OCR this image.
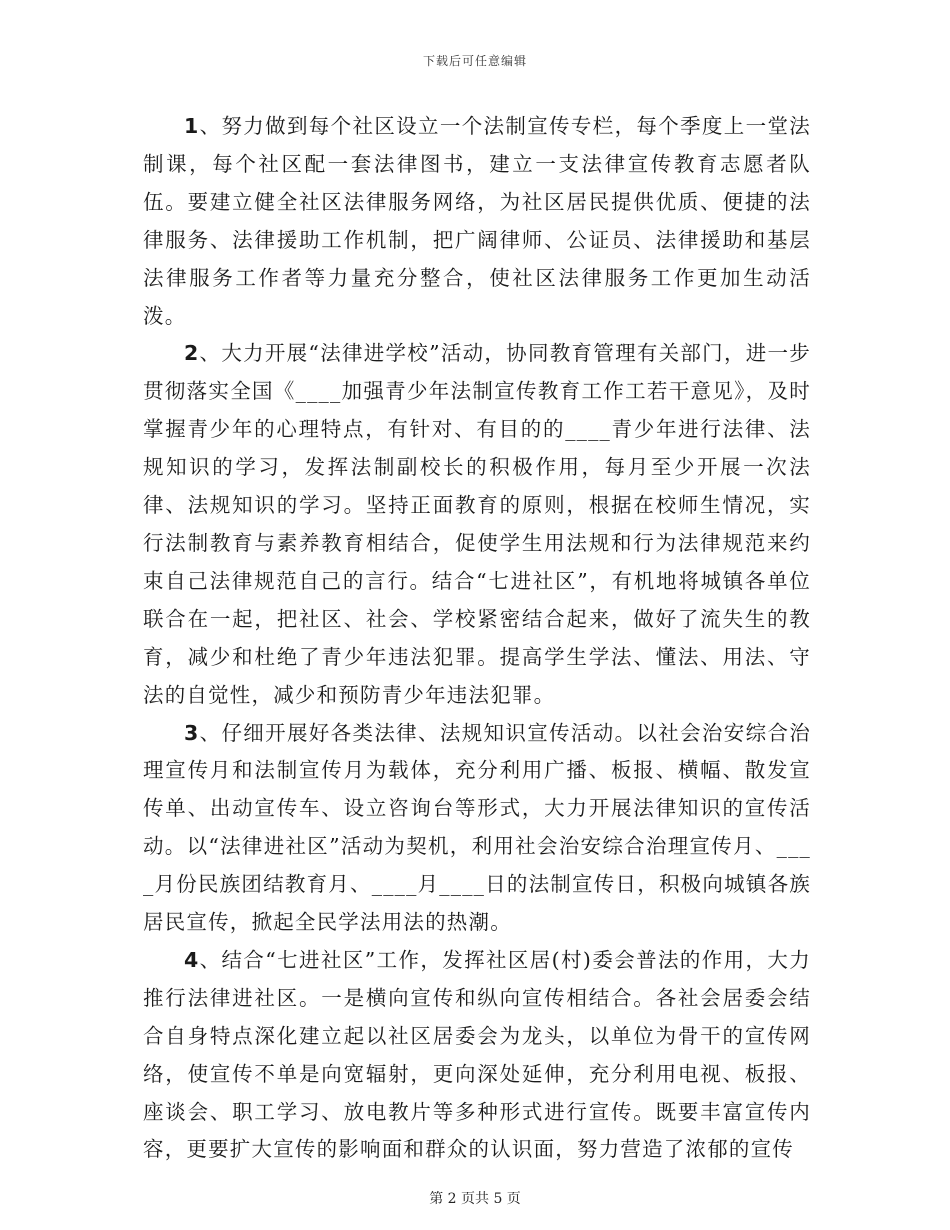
下载后可任意编辑

1、努力做到每个社区设立一个法制宣传专栏，每个季度上一堂法制课，每个社区配一套法律图书，建立一支法律宣传教育志愿者队伍。要建立健全社区法律服务网络，为社区居民提供优质、便捷的法律服务、法律援助工作机制，把广阔律师、公证员、法律援助和基层法律服务工作者等力量充分整合，使社区法律服务工作更加生动活泼。

2、大力开展“法律进学校”活动，协同教育管理有关部门，进一步贯彻落实全国《____加强青少年法制宣传教育工作工若干意见》，及时掌握青少年的心理特点，有针对、有目的的____青少年进行法律、法规知识的学习，发挥法制副校长的积极作用，每月至少开展一次法律、法规知识的学习。坚持正面教育的原则，根据在校师生情况，实行法制教育与素养教育相结合，促使学生用法规和行为法律规范来约束自己法律规范自己的言行。结合“七进社区”，有机地将城镇各单位联合在一起，把社区、社会、学校紧密结合起来，做好了流失生的教育，减少和杜绝了青少年违法犯罪。提高学生学法、懂法、用法、守法的自觉性，减少和预防青少年违法犯罪。

3、仔细开展好各类法律、法规知识宣传活动。以社会治安综合治理宣传月和法制宣传月为载体，充分利用广播、板报、横幅、散发宣传单、出动宣传车、设立咨询台等形式，大力开展法律知识的宣传活动。以“法律进社区”活动为契机，利用社会治安综合治理宣传月、____月份民族团结教育月、____月____日的法制宣传日，积极向城镇各族居民宣传，掀起全民学法用法的热潮。

4、结合“七进社区”工作，发挥社区居(村)委会普法的作用，大力推行法律进社区。一是横向宣传和纵向宣传相结合。各社会居委会结合自身特点深化建立起以社区居委会为龙头，以单位为骨干的宣传网络，使宣传不单是向宽辐射，更向深处延伸，充分利用电视、板报、座谈会、职工学习、放电教片等多种形式进行宣传。既要丰富宣传内容，更要扩大宣传的影响面和群众的认识面，努力营造了浓郁的宣传

第 2 页共 5 页
